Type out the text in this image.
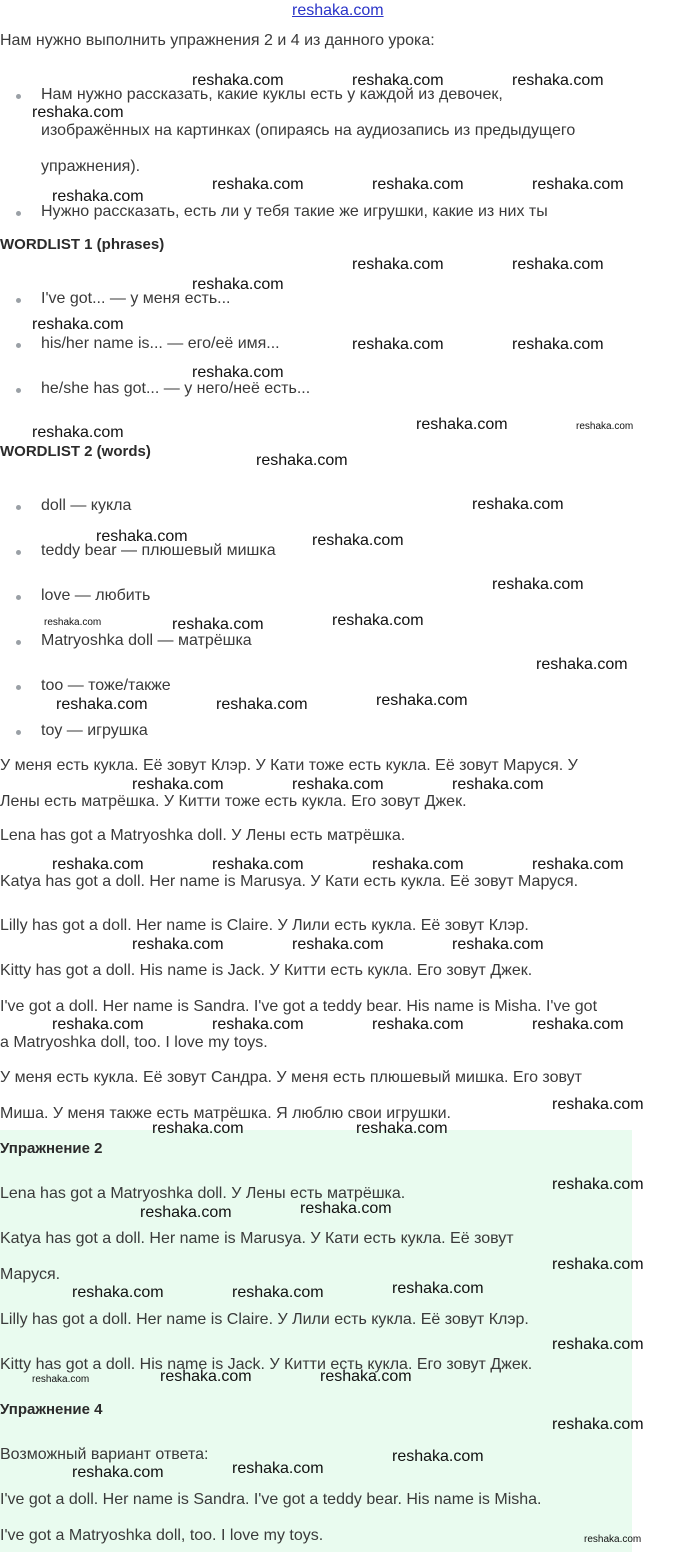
reshaka.com
Нам нужно выполнить упражнения 2 и 4 из данного урока:
Нам нужно рассказать, какие куклы есть у каждой из девочек,
изображённых на картинках (опираясь на аудиозапись из предыдущего
упражнения).
Нужно рассказать, есть ли у тебя такие же игрушки, какие из них ты
WORDLIST 1 (phrases)
I've got... — у меня есть...
his/her name is... — его/её имя...
he/she has got... — у него/неё есть...
WORDLIST 2 (words)
doll — кукла
teddy bear — плюшевый мишка
love — любить
Matryoshka doll — матрёшка
too — тоже/также
toy — игрушка
У меня есть кукла. Её зовут Клэр. У Кати тоже есть кукла. Её зовут Маруся. У
Лены есть матрёшка. У Китти тоже есть кукла. Его зовут Джек.
Lena has got a Matryoshka doll. У Лены есть матрёшка.
Katya has got a doll. Her name is Marusya. У Кати есть кукла. Её зовут Маруся.
Lilly has got a doll. Her name is Claire. У Лили есть кукла. Её зовут Клэр.
Kitty has got a doll. His name is Jack. У Китти есть кукла. Его зовут Джек.
I've got a doll. Her name is Sandra. I've got a teddy bear. His name is Misha. I've got
a Matryoshka doll, too. I love my toys.
У меня есть кукла. Её зовут Сандра. У меня есть плюшевый мишка. Его зовут
Миша. У меня также есть матрёшка. Я люблю свои игрушки.
Упражнение 2
Lena has got a Matryoshka doll. У Лены есть матрёшка.
Katya has got a doll. Her name is Marusya. У Кати есть кукла. Её зовут
Маруся.
Lilly has got a doll. Her name is Claire. У Лили есть кукла. Её зовут Клэр.
Kitty has got a doll. His name is Jack. У Китти есть кукла. Его зовут Джек.
Упражнение 4
Возможный вариант ответа:
I've got a doll. Her name is Sandra. I've got a teddy bear. His name is Misha.
I've got a Matryoshka doll, too. I love my toys.
reshaka.com	reshaka.com	reshaka.com
reshaka.com
reshaka.com
reshaka.com	reshaka.com	reshaka.com
reshaka.com	reshaka.com
reshaka.com
reshaka.com
reshaka.com	reshaka.com
reshaka.com
reshaka.com	reshaka.com
reshaka.com
reshaka.com
reshaka.com
reshaka.com	reshaka.com
reshaka.com
reshaka.com	reshaka.com	reshaka.com
reshaka.com
reshaka.com	reshaka.com	reshaka.com
reshaka.com	reshaka.com	reshaka.com
reshaka.com	reshaka.com	reshaka.com	reshaka.com
reshaka.com	reshaka.com	reshaka.com
reshaka.com	reshaka.com	reshaka.com	reshaka.com
reshaka.com
reshaka.com	reshaka.com
reshaka.com
reshaka.com	reshaka.com
reshaka.com
reshaka.com	reshaka.com	reshaka.com
reshaka.com
reshaka.com	reshaka.com	reshaka.com
reshaka.com
reshaka.com
reshaka.com	reshaka.com
reshaka.com
